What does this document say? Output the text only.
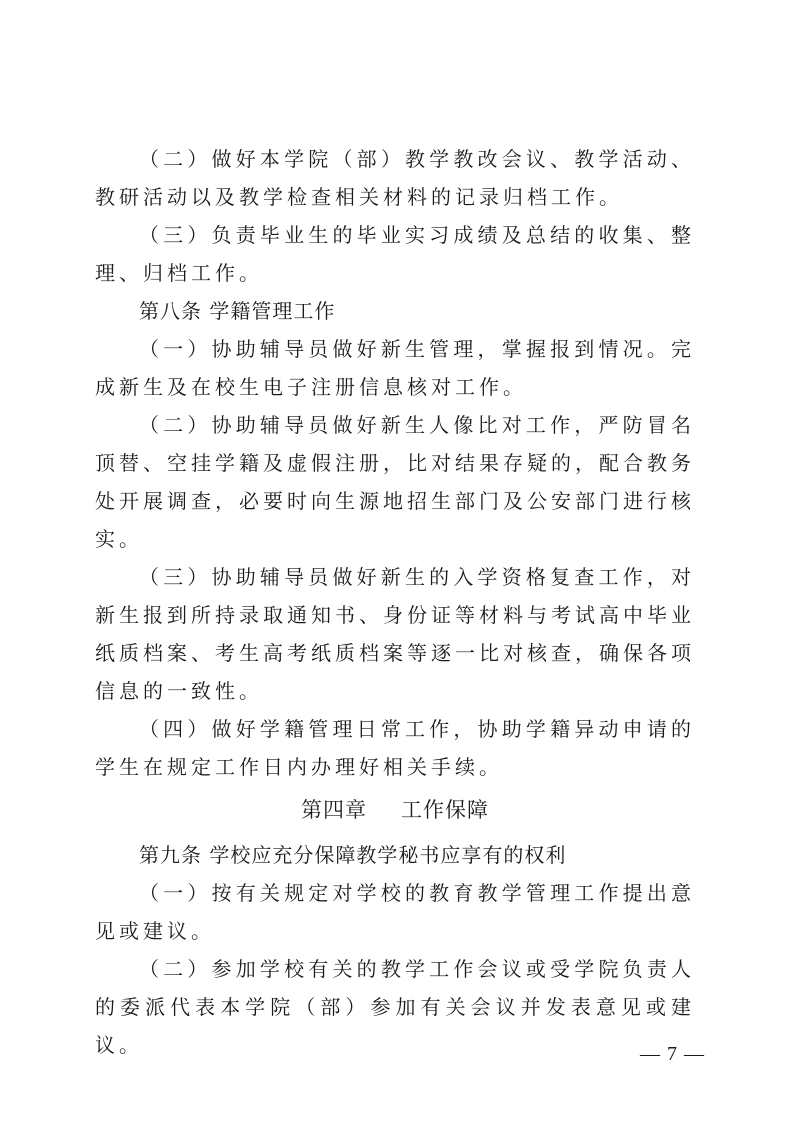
（二）做好本学院（部）教学教改会议、教学活动、教研活动以及教学检查相关材料的记录归档工作。

（三）负责毕业生的毕业实习成绩及总结的收集、整理、归档工作。

第八条 学籍管理工作

（一）协助辅导员做好新生管理，掌握报到情况。完成新生及在校生电子注册信息核对工作。

（二）协助辅导员做好新生人像比对工作，严防冒名顶替、空挂学籍及虚假注册，比对结果存疑的，配合教务处开展调查，必要时向生源地招生部门及公安部门进行核实。

（三）协助辅导员做好新生的入学资格复查工作，对新生报到所持录取通知书、身份证等材料与考试高中毕业纸质档案、考生高考纸质档案等逐一比对核查，确保各项信息的一致性。

（四）做好学籍管理日常工作，协助学籍异动申请的学生在规定工作日内办理好相关手续。

第四章 工作保障

第九条 学校应充分保障教学秘书应享有的权利

（一）按有关规定对学校的教育教学管理工作提出意见或建议。

（二）参加学校有关的教学工作会议或受学院负责人的委派代表本学院（部）参加有关会议并发表意见或建议。	— 7 —
